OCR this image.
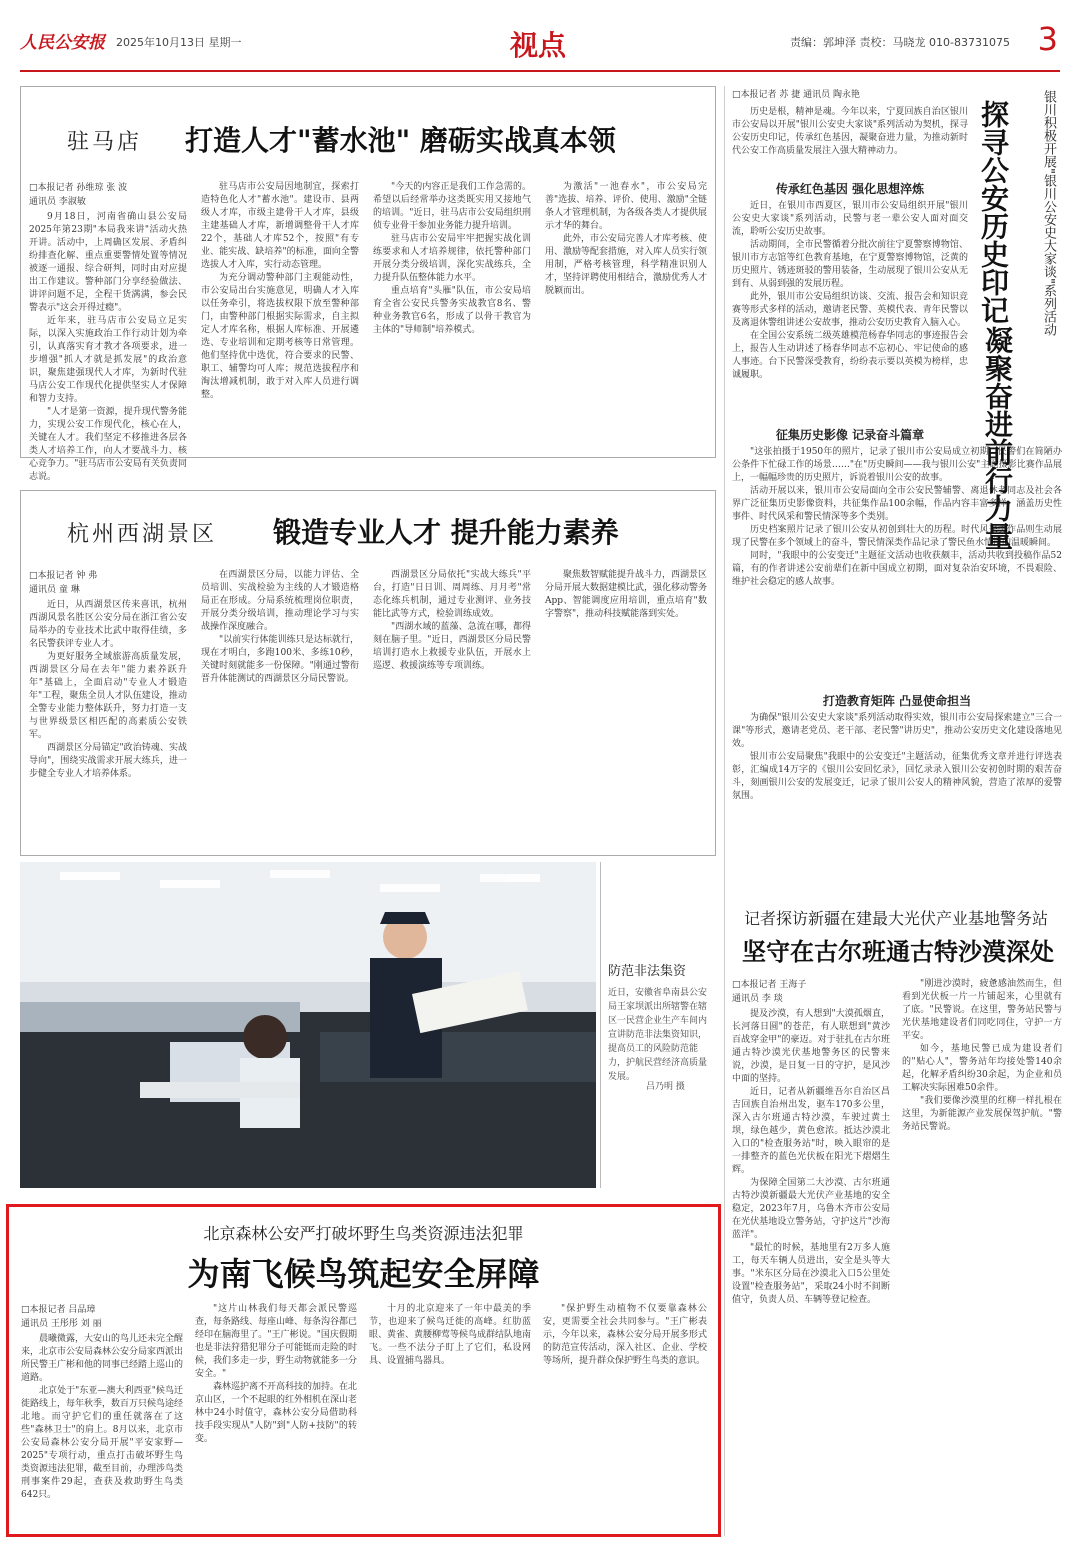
人民公安报 2025年10月13日 星期一	视点	责编：郭坤泽 责校：马晓龙 010-83731075 3
驻马店 打造人才"蓄水池" 磨砺实战真本领
□本报记者 孙维琼 张 波
通讯员 李淑敏

9月18日，河南省确山县公安局2025年第23期"本局我来讲"活动火热开讲。活动中，上周确区发展、矛盾纠纷排查化解、重点重要警情处置等情况被逐一通报、综合研判，同时由对应提出工作建议。警种部门分享经验做法、讲评问题不足，全程干货满满，参会民警表示"这会开得过瘾"。

近年来，驻马店市公安局立足实际，以深入实施政治工作行动计划为牵引，认真落实育才教才各项要求，进一步增强"抓人才就是抓发展"的政治意识，聚焦建强现代人才库，为新时代驻马店公安工作现代化提供坚实人才保障和智力支持。

"人才是第一资源，提升现代警务能力，实现公安工作现代化，核心在人，关键在人才。我们坚定不移推进各层各类人才培养工作，向人才要战斗力、核心竞争力。"驻马店市公安局有关负责同志说。

驻马店市公安局因地制宜，探索打造特色化人才"蓄水池"。建设市、县两级人才库，市级主建骨干人才库，县级主建基础人才库，新增调整骨干人才库22个，基础人才库52个，按照"有专业、能实战、缺培养"的标准，面向全警选拔人才入库，实行动态管理。

为充分调动警种部门主观能动性，市公安局出台实施意见，明确人才入库以任务牵引，将选拔权限下放至警种部门，由警种部门根据实际需求，自主拟定人才库名称，根据人库标准、开展遴选、专业培训和定期考核等日常管理。他们坚持优中选优，符合要求的民警、职工、辅警均可人库；规范选拔程序和淘汰增减机制，敢于对入库人员进行调整。

"今天的内容正是我们工作急需的。希望以后经常举办这类既实用又接地气的培训。"近日，驻马店市公安局组织刑侦专业骨干参加业务能力提升培训。

驻马店市公安局牢牢把握实战化训练要求和人才培养规律，依托警种部门开展分类分级培训，深化实战练兵，全力提升队伍整体能力水平。

重点培育"头雁"队伍，市公安局培育全省公安民兵警务实战教官8名、警种业务教官6名，形成了以骨干教官为主体的"导师制"培养模式。

为激活"一池春水"，市公安局完善"选拔、培养、评价、使用、激励"全链条人才管理机制，为各级各类人才提供展示才华的舞台。

此外，市公安局完善人才库考核、使用、激励等配套措施，对入库人员实行领用制，严格考核管理，科学精准识别人才，坚持评聘使用相结合，激励优秀人才脱颖而出。

杭州西湖景区 锻造专业人才 提升能力素养
□本报记者 钟 弗
通讯员 童 琳

近日，从西湖景区传来喜讯，杭州西湖风景名胜区公安分局在浙江省公安局举办的专业技术比武中取得佳绩，多名民警获评专业人才。

为更好服务全域旅游高质量发展，西湖景区分局在去年"能力素养跃升年"基础上，全面启动"专业人才锻造年"工程，聚焦全员人才队伍建设，推动全警专业能力整体跃升，努力打造一支与世界级景区相匹配的高素质公安铁军。

西湖景区分局锚定"政治铸魂、实战导向"，围绕实战需求开展大练兵，进一步健全专业人才培养体系。

在西湖景区分局，以能力评估、全员培训、实战检验为主线的人才锻造格局正在形成。分局系统梳理岗位职责，开展分类分级培训，推动理论学习与实战操作深度融合。

"以前实行体能训练只是达标就行，现在才明白，多跑100米、多练10秒，关键时刻就能多一份保障。"刚通过警衔晋升体能测试的西湖景区分局民警说。

西湖景区分局依托"实战大练兵"平台，打造"日日训、周周练、月月考"常态化练兵机制，通过专业测评、业务技能比武等方式，检验训练成效。

"西湖水域的蓝藻、急流在哪，都得刻在脑子里。"近日，西湖景区分局民警培训打造水上救援专业队伍，开展水上巡逻、救援演练等专项训练。

聚焦数智赋能提升战斗力，西湖景区分局开展大数据建模比武，强化移动警务App、智能调度应用培训，重点培育"数字警察"，推动科技赋能落到实处。

□本报记者 苏 捷 通讯员 陶永艳

历史是根，精神是魂。今年以来，宁夏回族自治区银川市公安局以开展"银川公安史大家谈"系列活动为契机，探寻公安历史印记，传承红色基因，凝聚奋进力量，为推动新时代公安工作高质量发展注入强大精神动力。

传承红色基因 强化思想淬炼

近日，在银川市西夏区，银川市公安局组织开展"银川公安史大家谈"系列活动，民警与老一辈公安人面对面交流，聆听公安历史故事。

活动期间，全市民警循着分批次前往宁夏警察博物馆、银川市方志馆等红色教育基地，在宁夏警察博物馆，泛黄的历史照片、锈迹斑驳的警用装备，生动展现了银川公安从无到有、从弱到强的发展历程。

此外，银川市公安局组织访谈、交流、报告会和知识竞赛等形式多样的活动，邀请老民警、英模代表、青年民警以及离退休警组讲述公安故事，推动公安历史教育入脑入心。

在全国公安系统二级英雄模范杨春华同志的事迹报告会上，报告人生动讲述了杨春华同志不忘初心、牢记使命的感人事迹。台下民警深受教育，纷纷表示要以英模为榜样，忠诚履职。

征集历史影像 记录奋斗篇章

"这张拍摄于1950年的照片，记录了银川市公安局成立初期，民警们在简陋办公条件下忙碌工作的场景……"在"历史瞬间——我与银川公安"主题摄影比赛作品展上，一幅幅珍贵的历史照片，诉说着银川公安的故事。

活动开展以来，银川市公安局面向全市公安民警辅警、离退休老同志及社会各界广泛征集历史影像资料，共征集作品100余幅，作品内容丰富多样，涵盖历史性事件、时代风采和警民情深等多个类别。

历史档案照片记录了银川公安从初创到壮大的历程。时代风采类作品则生动展现了民警在多个领域上的奋斗，警民情深类作品记录了警民鱼水情深的温暖瞬间。

同时，"我眼中的公安变迁"主题征文活动也收获颇丰，活动共收到投稿作品52篇，有的作者讲述公安前辈们在新中国成立初期，面对复杂治安环境，不畏艰险、维护社会稳定的感人故事。

打造教育矩阵 凸显使命担当

为确保"银川公安史大家谈"系列活动取得实效，银川市公安局探索建立"三合一课"等形式，邀请老党员、老干部、老民警"讲历史"，推动公安历史文化建设落地见效。

银川市公安局聚焦"我眼中的公安变迁"主题活动，征集优秀文章并进行评选表彰，汇编成14万字的《银川公安回忆录》，回忆录录入银川公安初创时期的艰苦奋斗，刻画银川公安的发展变迁，记录了银川公安人的精神风貌，营造了浓厚的爱警氛围。

银川积极开展"银川公安史大家谈"系列活动
探寻公安历史印记
凝聚奋进前行力量
防范非法集资
近日，安徽省阜南县公安局王家坝派出所辖警在辖区一民营企业生产车间内宣讲防范非法集资知识，提高员工的风险防范能力，护航民营经济高质量发展。
吕乃明 摄
记者探访新疆在建最大光伏产业基地警务站
坚守在古尔班通古特沙漠深处
□本报记者 王海子
通讯员 李 琰

提及沙漠，有人想到"大漠孤烟直，长河落日圆"的苍茫，有人联想到"黄沙百战穿金甲"的豪迈。对于驻扎在古尔班通古特沙漠光伏基地警务区的民警来说，沙漠，是日复一日的守护，是风沙中面的坚持。

近日，记者从新疆维吾尔自治区昌吉回族自治州出发，驱车170多公里，深入古尔班通古特沙漠，车驶过黄土坝，绿色越少，黄色愈浓。抵达沙漠北入口的"检查服务站"时，映入眼帘的是一排整齐的蓝色光伏板在阳光下熠熠生辉。

为保障全国第二大沙漠、古尔班通古特沙漠新疆最大光伏产业基地的安全稳定，2023年7月，乌鲁木齐市公安局在光伏基地设立警务站，守护这片"沙海蓝洋"。

"最忙的时候，基地里有2万多人施工，每天车辆人员进出，安全是头等大事。"米东区分局在沙漠北入口5公里处设置"检查服务站"，采取24小时不间断值守，负责人员、车辆等登记检查。

"刚进沙漠时，疲惫感油然而生，但看到光伏板一片一片铺起来，心里就有了底。"民警说。在这里，警务站民警与光伏基地建设者们同吃同住，守护一方平安。

如今，基地民警已成为建设者们的"贴心人"，警务站年均接处警140余起，化解矛盾纠纷30余起，为企业和员工解决实际困难50余件。

"我们要像沙漠里的红柳一样扎根在这里，为新能源产业发展保驾护航。"警务站民警说。

北京森林公安严打破坏野生鸟类资源违法犯罪
为南飞候鸟筑起安全屏障
□本报记者 吕品璋
通讯员 王彤彤 刘 丽

晨曦微露，大安山的鸟儿还未完全醒来，北京市公安局森林公安分局家西派出所民警王广彬和他的同事已经踏上巡山的道路。

北京处于"东亚—澳大利西亚"候鸟迁徙路线上，每年秋季，数百万只候鸟途经北地。而守护它们的重任就落在了这些"森林卫士"的肩上。8月以来，北京市公安局森林公安分局开展"平安家野—2025"专项行动，重点打击破坏野生鸟类资源违法犯罪，截至目前，办理涉鸟类刑事案件29起，查获及救助野生鸟类642只。

"这片山林我们每天都会派民警巡查，每条路线、每座山峰、每条沟谷都已经印在脑海里了。"王广彬说。"国庆假期也是非法狩猎犯罪分子可能铤而走险的时候，我们多走一步，野生动物就能多一分安全。"

森林巡护离不开高科技的加持。在北京山区，一个不起眼的红外相机在深山老林中24小时值守，森林公安分局借助科技手段实现从"人防"到"人防+技防"的转变。

十月的北京迎来了一年中最美的季节，也迎来了候鸟迁徙的高峰。红肋蓝眼、黄雀、黄腰柳莺等候鸟成群结队地南飞。一些不法分子盯上了它们，私设网具、设置捕鸟器具。

"保护野生动植物不仅要靠森林公安，更需要全社会共同参与。"王广彬表示，今年以来，森林公安分局开展多形式的防范宣传活动，深入社区、企业、学校等场所，提升群众保护野生鸟类的意识。
